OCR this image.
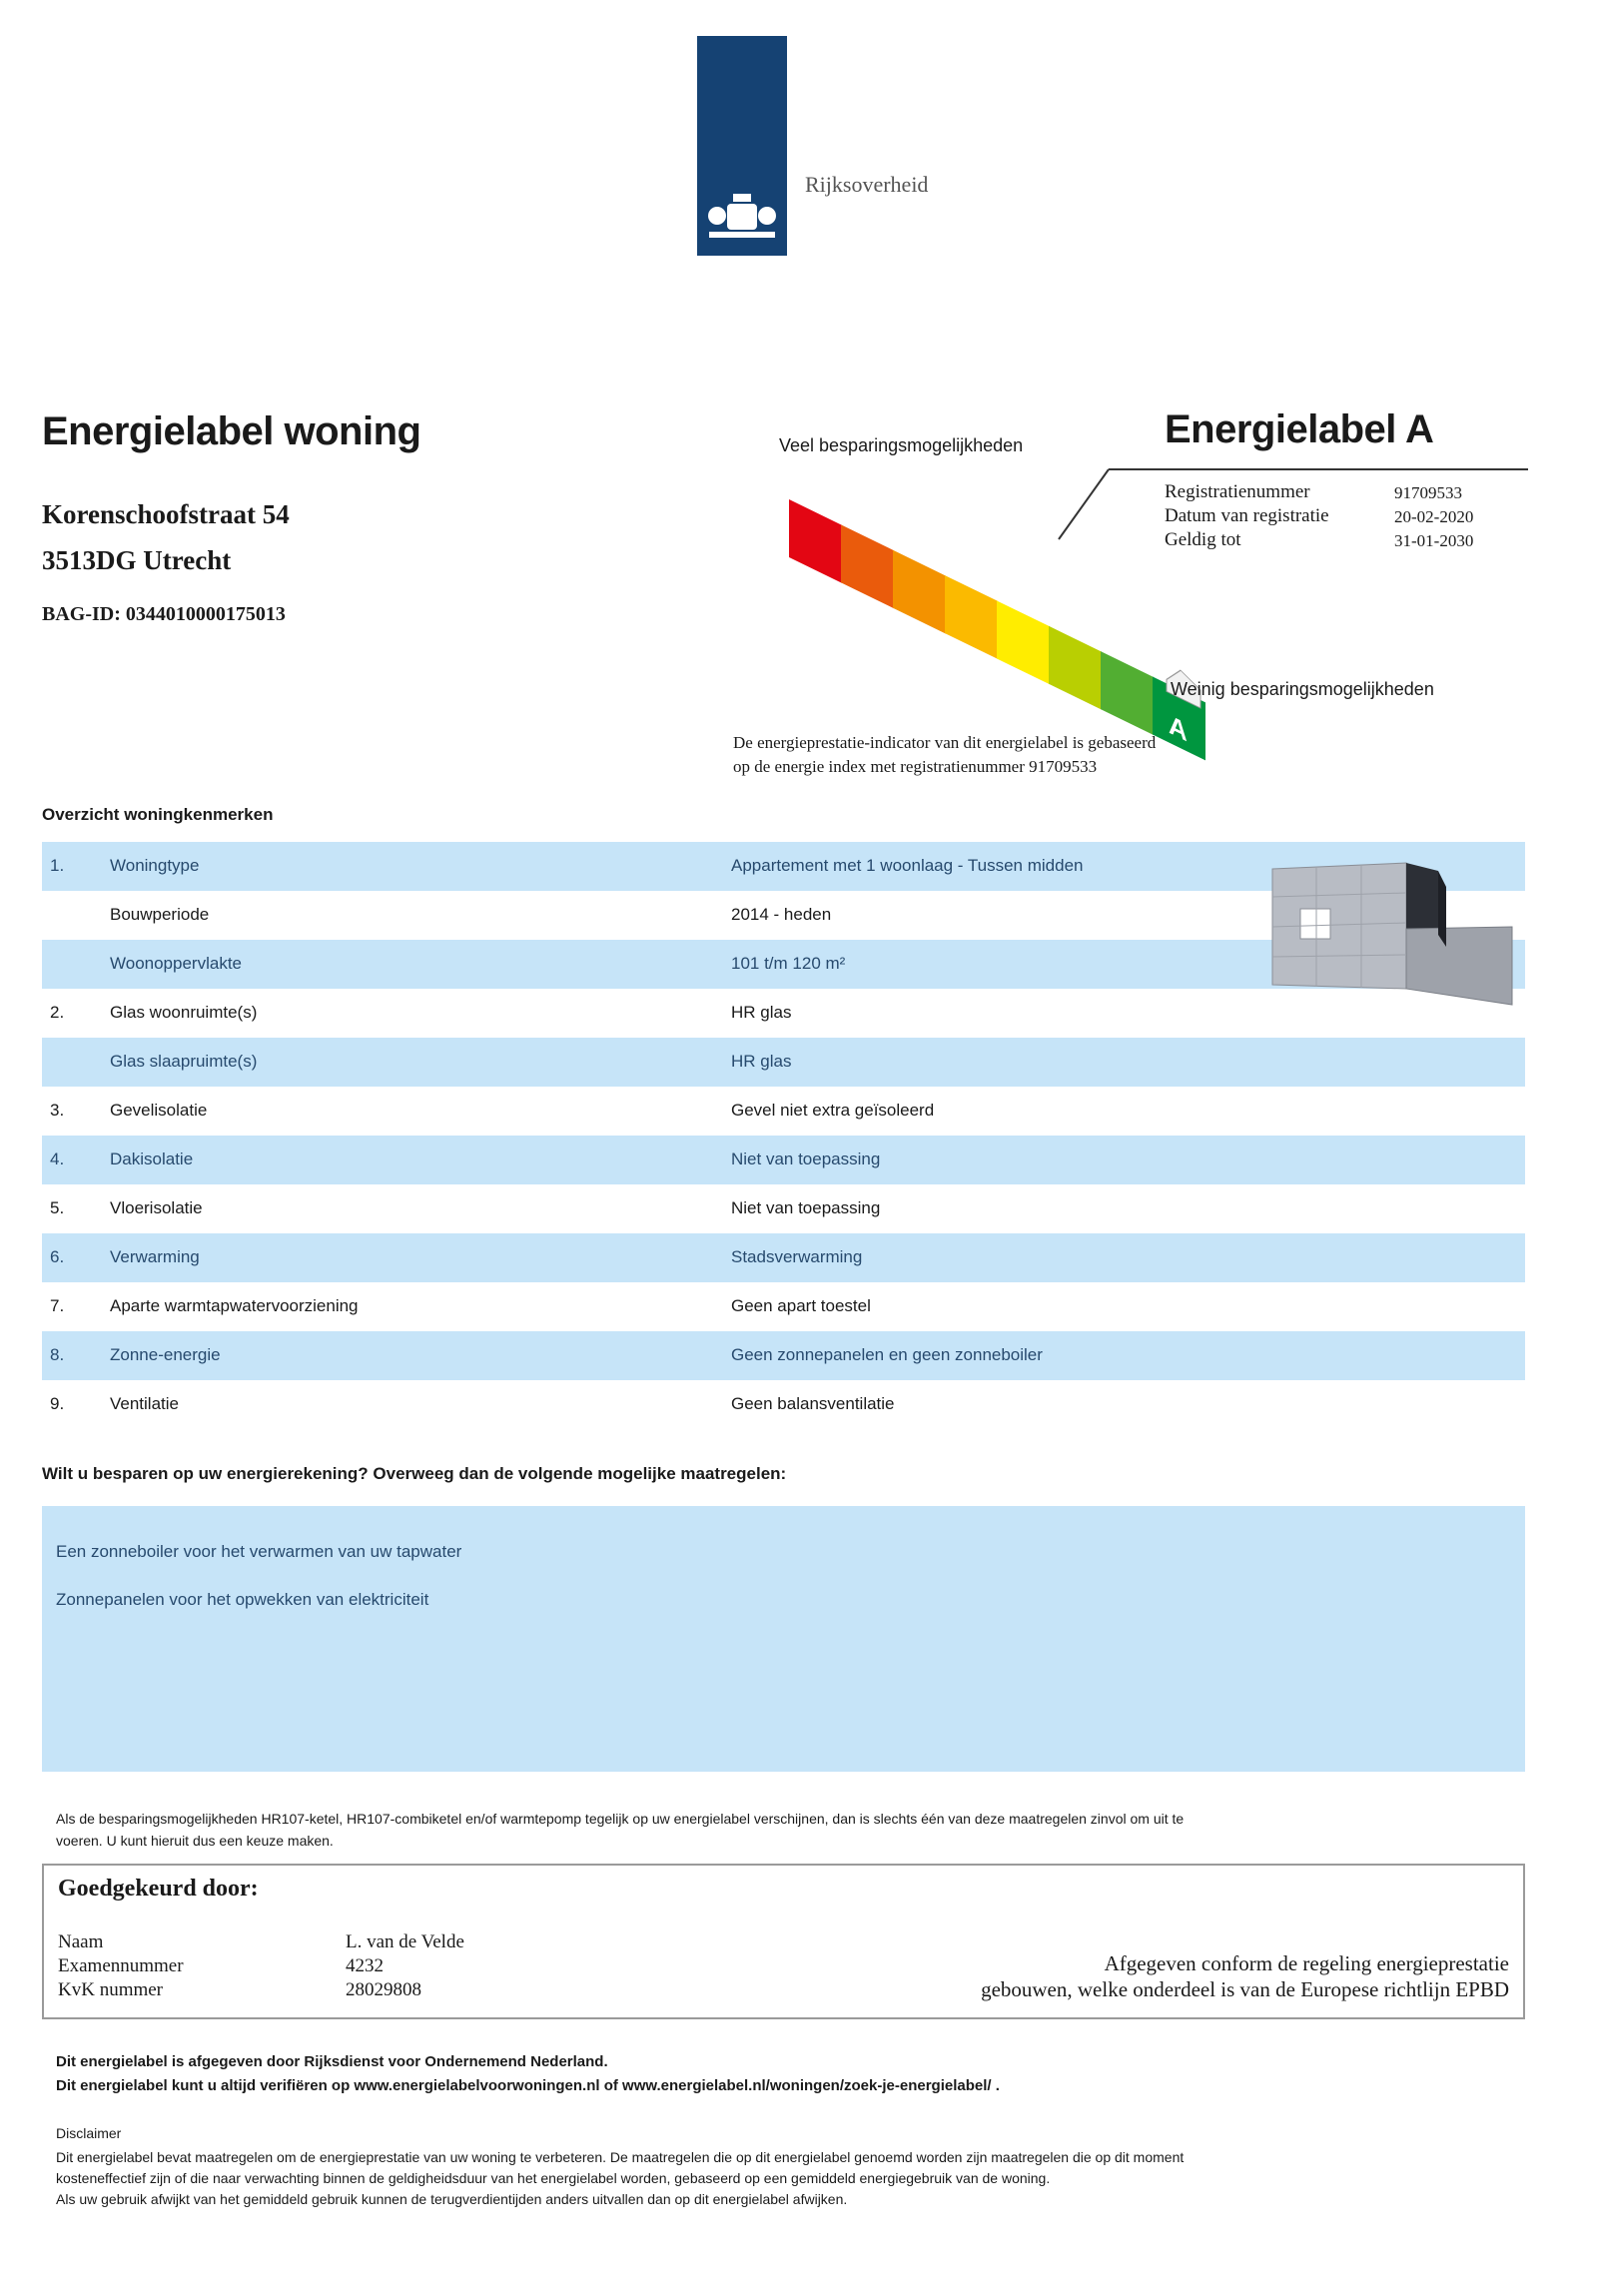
Rijksoverheid
Energielabel woning
Korenschoofstraat 54
3513DG Utrecht
BAG-ID: 0344010000175013
A
Veel besparingsmogelijkheden
Weinig besparingsmogelijkheden
Energielabel A
Registratienummer	91709533
Datum van registratie	20-02-2020
Geldig tot	31-01-2030
De energieprestatie-indicator van dit energielabel is gebaseerd
op de energie index met registratienummer 91709533
Overzicht woningkenmerken
1.	Woningtype	Appartement met 1 woonlaag - Tussen midden
Bouwperiode	2014 - heden
Woonoppervlakte	101 t/m 120 m²
2.	Glas woonruimte(s)	HR glas
Glas slaapruimte(s)	HR glas
3.	Gevelisolatie	Gevel niet extra geïsoleerd
4.	Dakisolatie	Niet van toepassing
5.	Vloerisolatie	Niet van toepassing
6.	Verwarming	Stadsverwarming
7.	Aparte warmtapwatervoorziening	Geen apart toestel
8.	Zonne-energie	Geen zonnepanelen en geen zonneboiler
9.	Ventilatie	Geen balansventilatie
Wilt u besparen op uw energierekening? Overweeg dan de volgende mogelijke maatregelen:
Een zonneboiler voor het verwarmen van uw tapwater
Zonnepanelen voor het opwekken van elektriciteit
Als de besparingsmogelijkheden HR107-ketel, HR107-combiketel en/of warmtepomp tegelijk op uw energielabel verschijnen, dan is slechts één van deze maatregelen zinvol om uit te
voeren. U kunt hieruit dus een keuze maken.
Goedgekeurd door:
Naam	L. van de Velde
Examennummer	4232
KvK nummer	28029808
Afgegeven conform de regeling energieprestatie
gebouwen, welke onderdeel is van de Europese richtlijn EPBD
Dit energielabel is afgegeven door Rijksdienst voor Ondernemend Nederland.
Dit energielabel kunt u altijd verifiëren op www.energielabelvoorwoningen.nl of www.energielabel.nl/woningen/zoek-je-energielabel/ .
Disclaimer
Dit energielabel bevat maatregelen om de energieprestatie van uw woning te verbeteren. De maatregelen die op dit energielabel genoemd worden zijn maatregelen die op dit moment
kosteneffectief zijn of die naar verwachting binnen de geldigheidsduur van het energielabel worden, gebaseerd op een gemiddeld energiegebruik van de woning.
Als uw gebruik afwijkt van het gemiddeld gebruik kunnen de terugverdientijden anders uitvallen dan op dit energielabel afwijken.
